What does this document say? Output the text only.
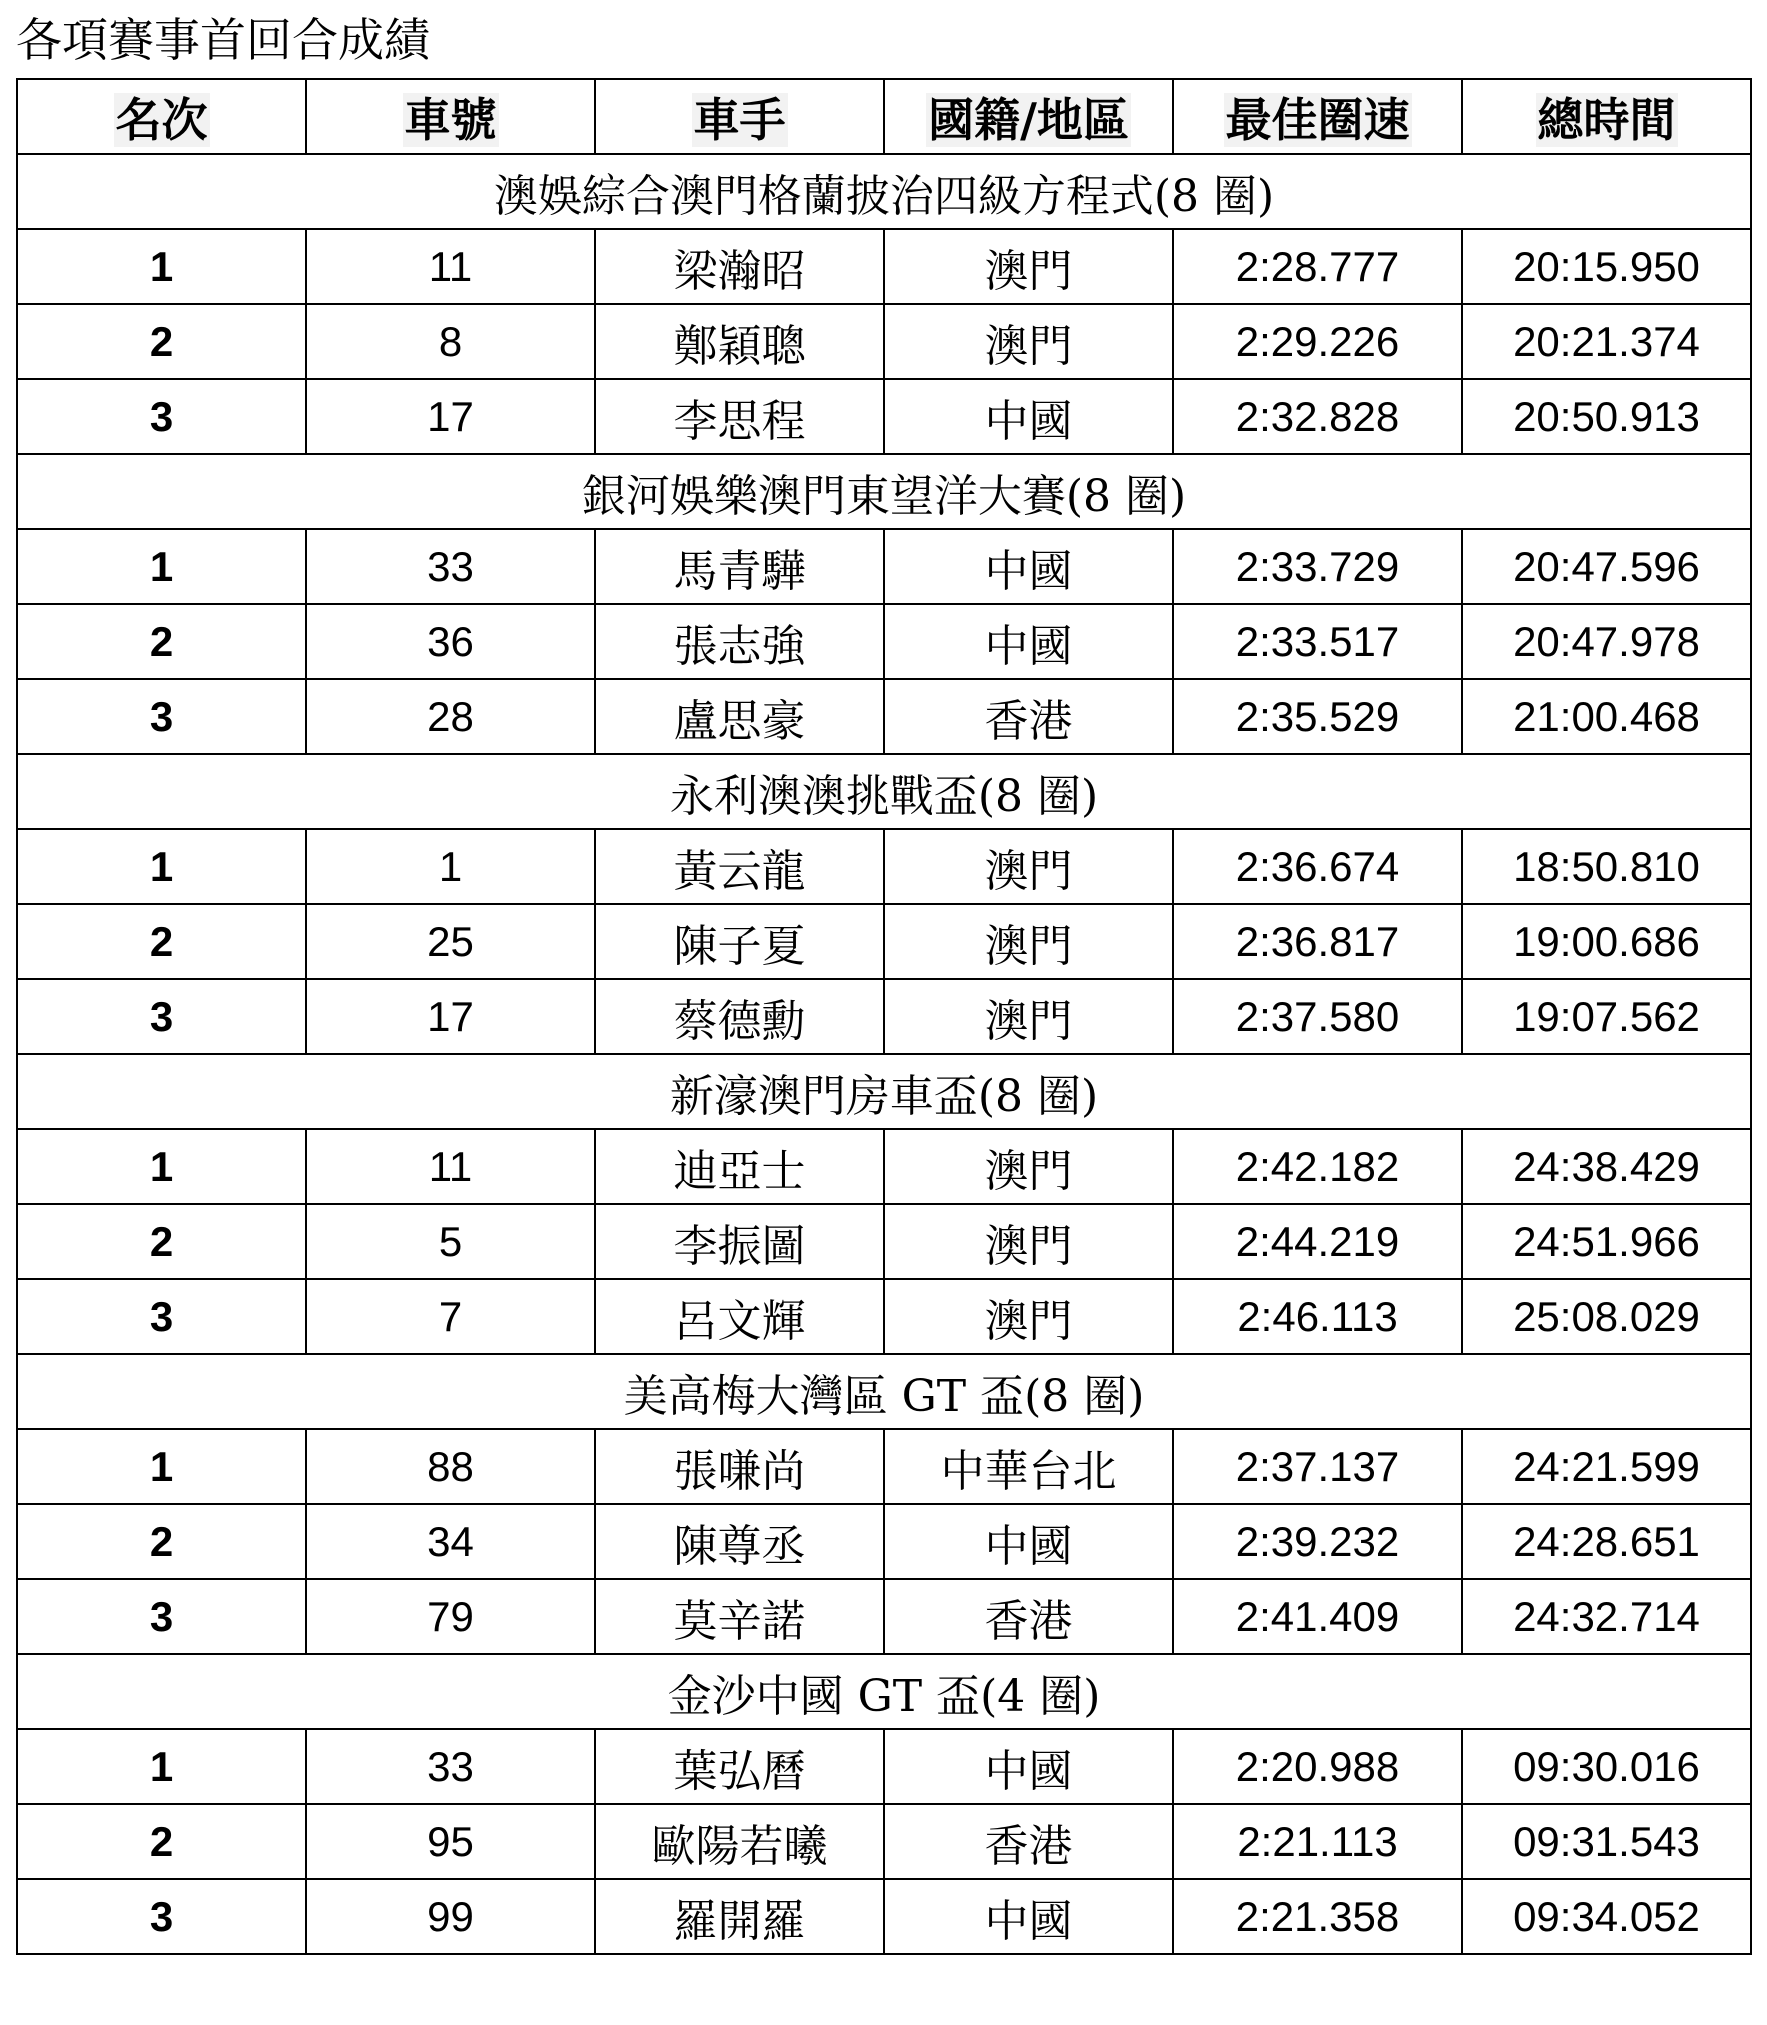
各項賽事首回合成績
名次	車號	車手	國籍/地區	最佳圈速	總時間
澳娛綜合澳門格蘭披治四級方程式(8 圈)					
1	11	梁瀚昭	澳門	2:28.777	20:15.950
2	8	鄭穎聰	澳門	2:29.226	20:21.374
3	17	李思程	中國	2:32.828	20:50.913
銀河娛樂澳門東望洋大賽(8 圈)					
1	33	馬青驊	中國	2:33.729	20:47.596
2	36	張志強	中國	2:33.517	20:47.978
3	28	盧思豪	香港	2:35.529	21:00.468
永利澳澳挑戰盃(8 圈)					
1	1	黃云龍	澳門	2:36.674	18:50.810
2	25	陳子夏	澳門	2:36.817	19:00.686
3	17	蔡德勳	澳門	2:37.580	19:07.562
新濠澳門房車盃(8 圈)					
1	11	迪亞士	澳門	2:42.182	24:38.429
2	5	李振圖	澳門	2:44.219	24:51.966
3	7	呂文輝	澳門	2:46.113	25:08.029
美高梅大灣區 GT 盃(8 圈)					
1	88	張嗛尚	中華台北	2:37.137	24:21.599
2	34	陳尊丞	中國	2:39.232	24:28.651
3	79	莫辛諾	香港	2:41.409	24:32.714
金沙中國 GT 盃(4 圈)					
1	33	葉弘曆	中國	2:20.988	09:30.016
2	95	歐陽若曦	香港	2:21.113	09:31.543
3	99	羅開羅	中國	2:21.358	09:34.052
